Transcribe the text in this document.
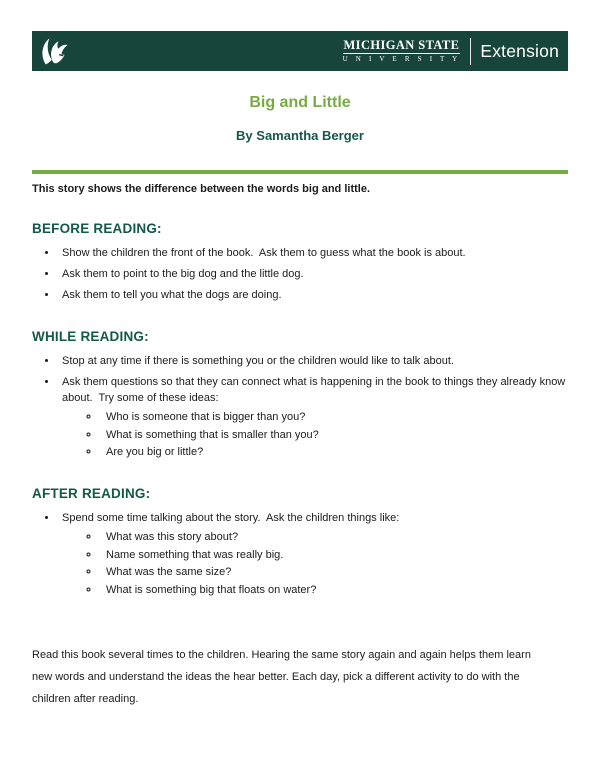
MICHIGAN STATE
U N I V E R S I T Y Extension
Big and Little
By Samantha Berger

This story shows the difference between the words big and little.

BEFORE READING:
• Show the children the front of the book.  Ask them to guess what the book is about.
• Ask them to point to the big dog and the little dog.
• Ask them to tell you what the dogs are doing.
WHILE READING:
• Stop at any time if there is something you or the children would like to talk about.
• Ask them questions so that they can connect what is happening in the book to things they already know about.  Try some of these ideas:
◦ Who is someone that is bigger than you?
◦ What is something that is smaller than you?
◦ Are you big or little?
AFTER READING:
• Spend some time talking about the story.  Ask the children things like:
◦ What was this story about?
◦ Name something that was really big.
◦ What was the same size?
◦ What is something big that floats on water?

Read this book several times to the children. Hearing the same story again and again helps them learn new words and understand the ideas the hear better. Each day, pick a different activity to do with the children after reading.
